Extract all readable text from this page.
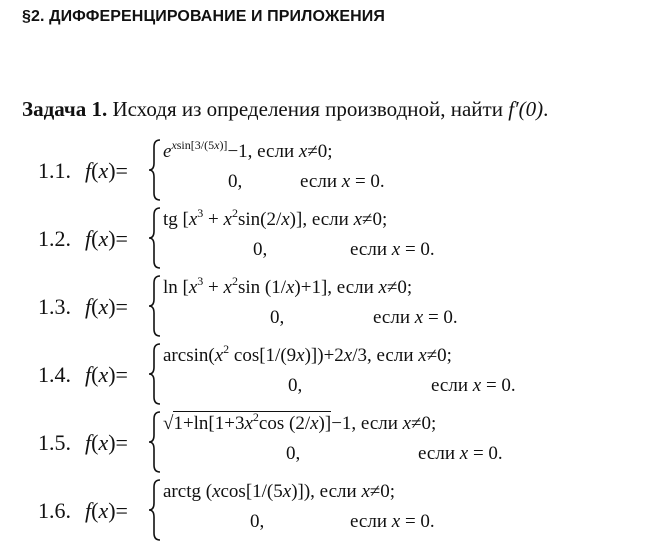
§2. ДИФФЕРЕНЦИРОВАНИЕ И ПРИЛОЖЕНИЯ
Задача 1. Исходя из определения производной, найти f′(0).
1.1. f(x)=
$e^{xsin[3/(5x)]}-1$, если x≠0;
0,	если x = 0.
1.2. f(x)=
tg $[x^3 + x^2\sin(2/x)]$, если x≠0;
0,	если x = 0.
1.3. f(x)=
$\ln [x^3 + x^2\sin$ (1/x)+1], если x≠0;
0,	если x = 0.
1.4. f(x)=
$\arcsin(x^2$ cos[1/(9x)])+2x/3, если x≠0;
0,	если x = 0.
1.5. f(x)=
$√1+\ln[1+3x^2\cos$ (2/x)]−1, если x≠0;
0,	если x = 0.
1.6. f(x)=
arctg (xcos[1/(5x)]), если x≠0;
0,	если x = 0.
